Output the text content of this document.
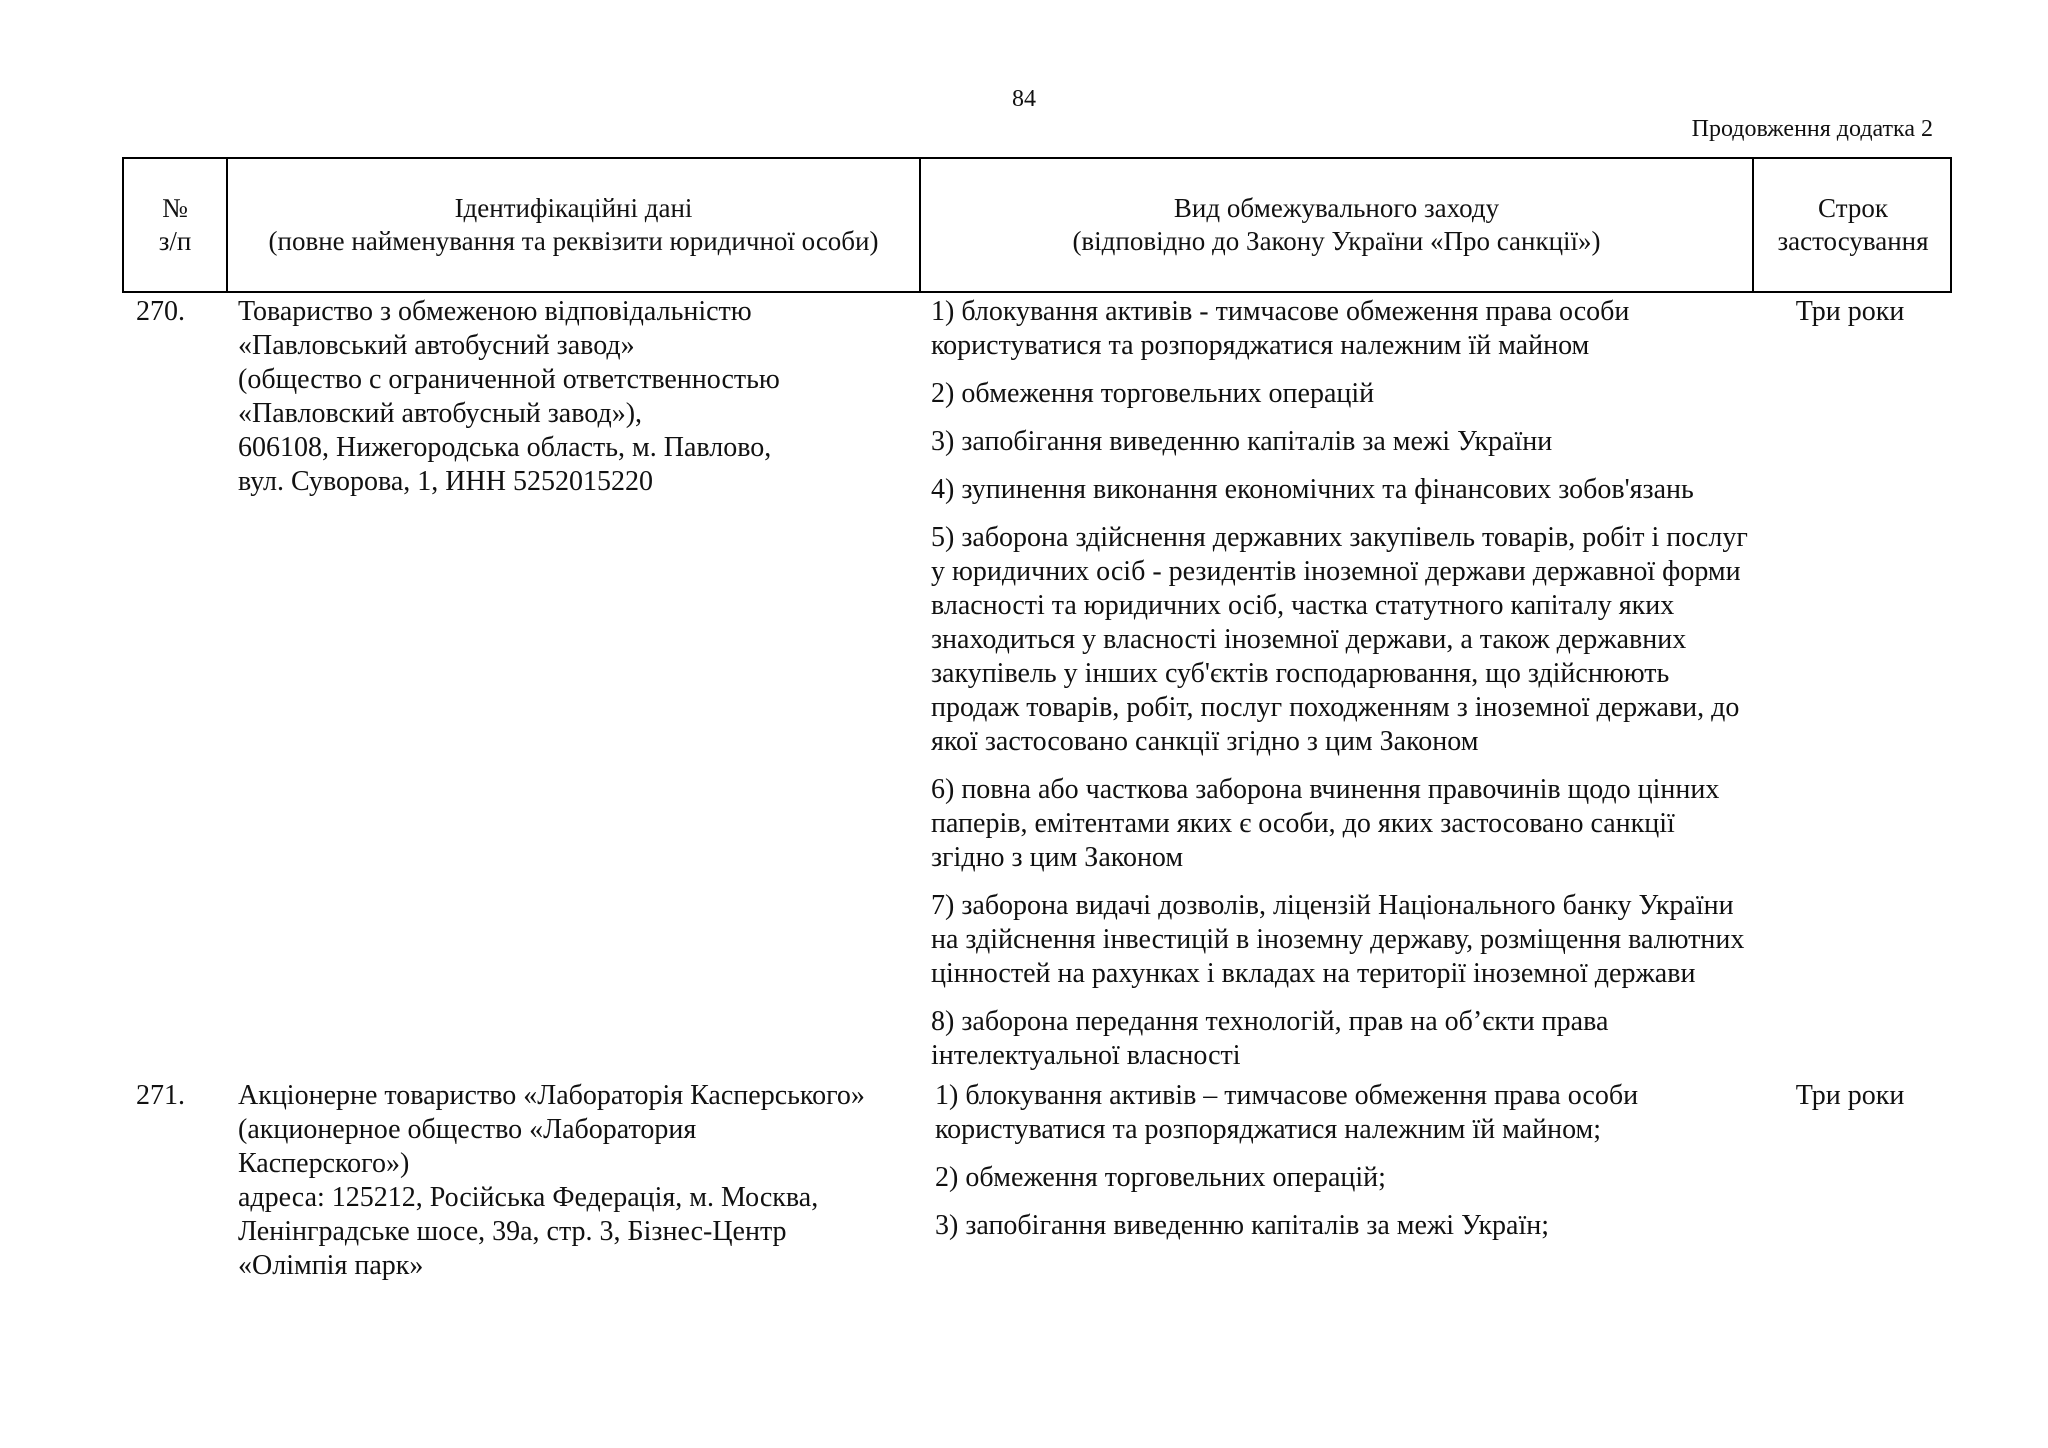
84
Продовження додатка 2
№
з/п
Ідентифікаційні дані
(повне найменування та реквізити юридичної особи)
Вид обмежувального заходу
(відповідно до Закону України «Про санкції»)
Строк
застосування
270.	Товариство з обмеженою відповідальністю
«Павловський автобусний завод»
(общество с ограниченной ответственностью
«Павловский автобусный завод»),
606108, Нижегородська область, м. Павлово,
вул. Суворова, 1, ИНН 5252015220
1) блокування активів - тимчасове обмеження права особи користуватися та розпоряджатися належним їй майном
2) обмеження торговельних операцій
3) запобігання виведенню капіталів за межі України
4) зупинення виконання економічних та фінансових зобов'язань
5) заборона здійснення державних закупівель товарів, робіт і послуг у юридичних осіб - резидентів іноземної держави державної форми власності та юридичних осіб, частка статутного капіталу яких знаходиться у власності іноземної держави, а також державних закупівель у інших суб'єктів господарювання, що здійснюють продаж товарів, робіт, послуг походженням з іноземної держави, до якої застосовано санкції згідно з цим Законом
6) повна або часткова заборона вчинення правочинів щодо цінних паперів, емітентами яких є особи, до яких застосовано санкції згідно з цим Законом
7) заборона видачі дозволів, ліцензій Національного банку України на здійснення інвестицій в іноземну державу, розміщення валютних цінностей на рахунках і вкладах на території іноземної держави
8) заборона передання технологій, прав на об’єкти права інтелектуальної власності
Три роки
271.	Акціонерне товариство «Лабораторія Касперського»
(акционерное общество «Лаборатория
Касперского»)
адреса: 125212, Російська Федерація, м. Москва,
Ленінградське шосе, 39а, стр. 3, Бізнес-Центр
«Олімпія парк»
1) блокування активів – тимчасове обмеження права особи користуватися та розпоряджатися належним їй майном;
2) обмеження торговельних операцій;
3) запобігання виведенню капіталів за межі Україн;
Три роки
